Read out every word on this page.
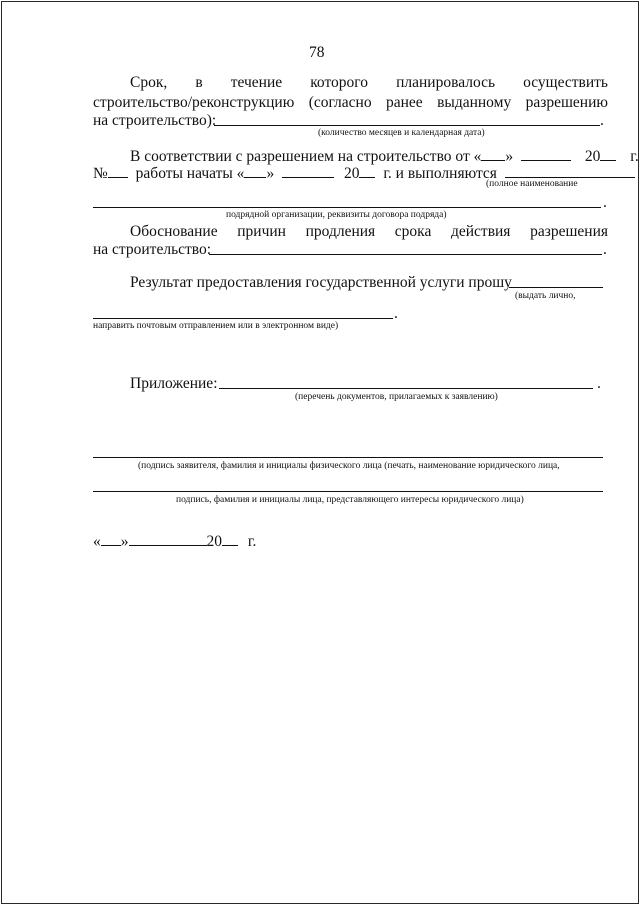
78
Срок, в течение которого планировалось осуществить
строительство/реконструкцию (согласно ранее выданному разрешению
на строительство):	.
(количество месяцев и календарная дата)
В соответствии с разрешением на строительство от « »	20 г.
№ работы начаты « »	20 г. и выполняются
(полное наименование
.
подрядной организации, реквизиты договора подряда)
Обоснование причин продления срока действия разрешения
на строительство:	.
Результат предоставления государственной услуги прошу
(выдать лично,
.
направить почтовым отправлением или в электронном виде)
Приложение:	.
(перечень документов, прилагаемых к заявлению)
(подпись заявителя, фамилия и инициалы физического лица (печать, наименование юридического лица,
подпись, фамилия и инициалы лица, представляющего интересы юридического лица)
« »	20 г.
